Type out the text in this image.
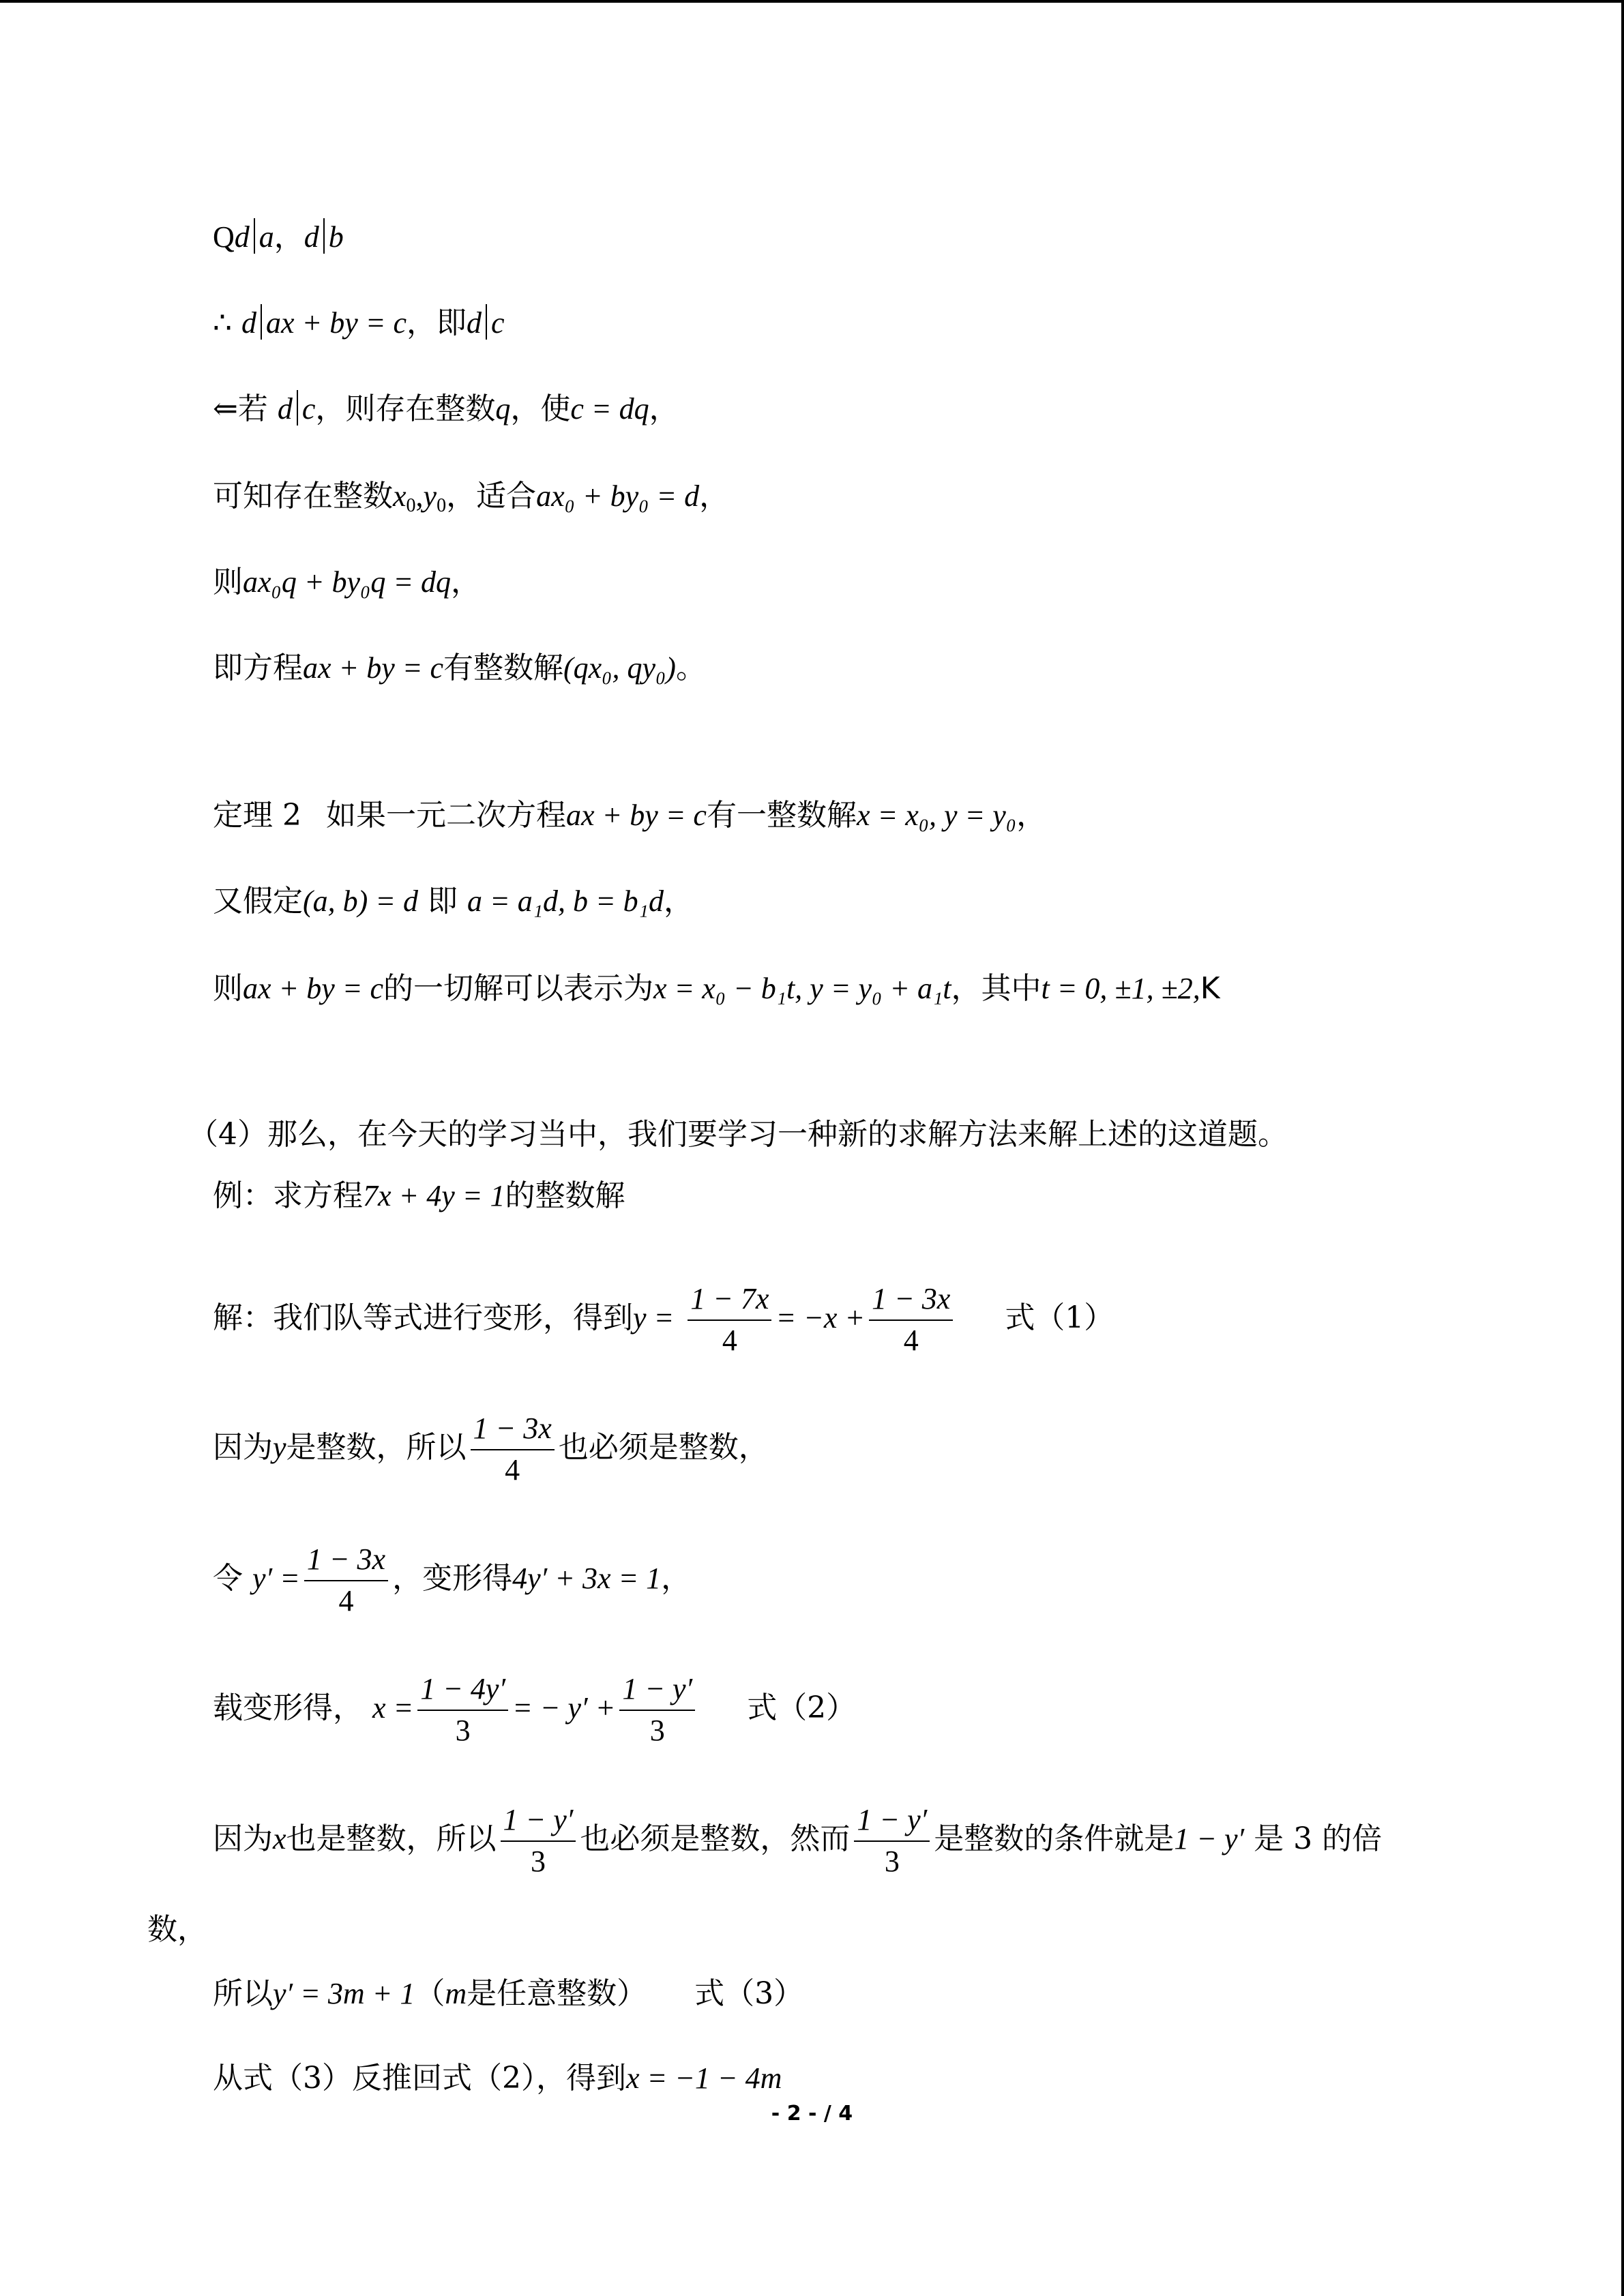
Qd a，d b
∴ d ax + by = c，即d c
⇐若 d c，则存在整数q，使c = dq，
可知存在整数$x_0,y_0$，适合ax₀ + by₀ = d，
则ax₀q + by₀q = dq，
即方程ax + by = c有整数解(qx₀, qy₀)。
定理 2 如果一元二次方程ax + by = c有一整数解x = x₀, y = y₀，
又假定(a, b) = d 即 a = a₁d, b = b₁d，
则ax + by = c的一切解可以表示为x = x₀ − b₁t, y = y₀ + a₁t，其中t = 0, ±1, ±2,K
（4）那么，在今天的学习当中，我们要学习一种新的求解方法来解上述的这道题。
例：求方程7x + 4y = 1的整数解
解：我们队等式进行变形，得到$y = \frac{1 - 7x}{4} = -x + \frac{1 - 3x}{4}$ 式（1）
因为y是整数，所以 $\frac{1 - 3x}{4}$ 也必须是整数，
令 $y' = \frac{1 - 3x}{4}$ ，变形得4y′ + 3x = 1，
载变形得， $x = \frac{1 - 4y'}{3}$ = − $y' + \frac{1 - y'}{3}$ 式（2）
因为x也是整数，所以 $\frac{1 - y'}{3}$ 也必须是整数，然而 $\frac{1 - y'}{3}$ 是整数的条件就是1 − y′ 是 3 的倍
数，
所以y′ = 3m + 1（m是任意整数） 式（3）
从式（3）反推回式（2），得到x = −1 − 4m
- 2 - / 4
